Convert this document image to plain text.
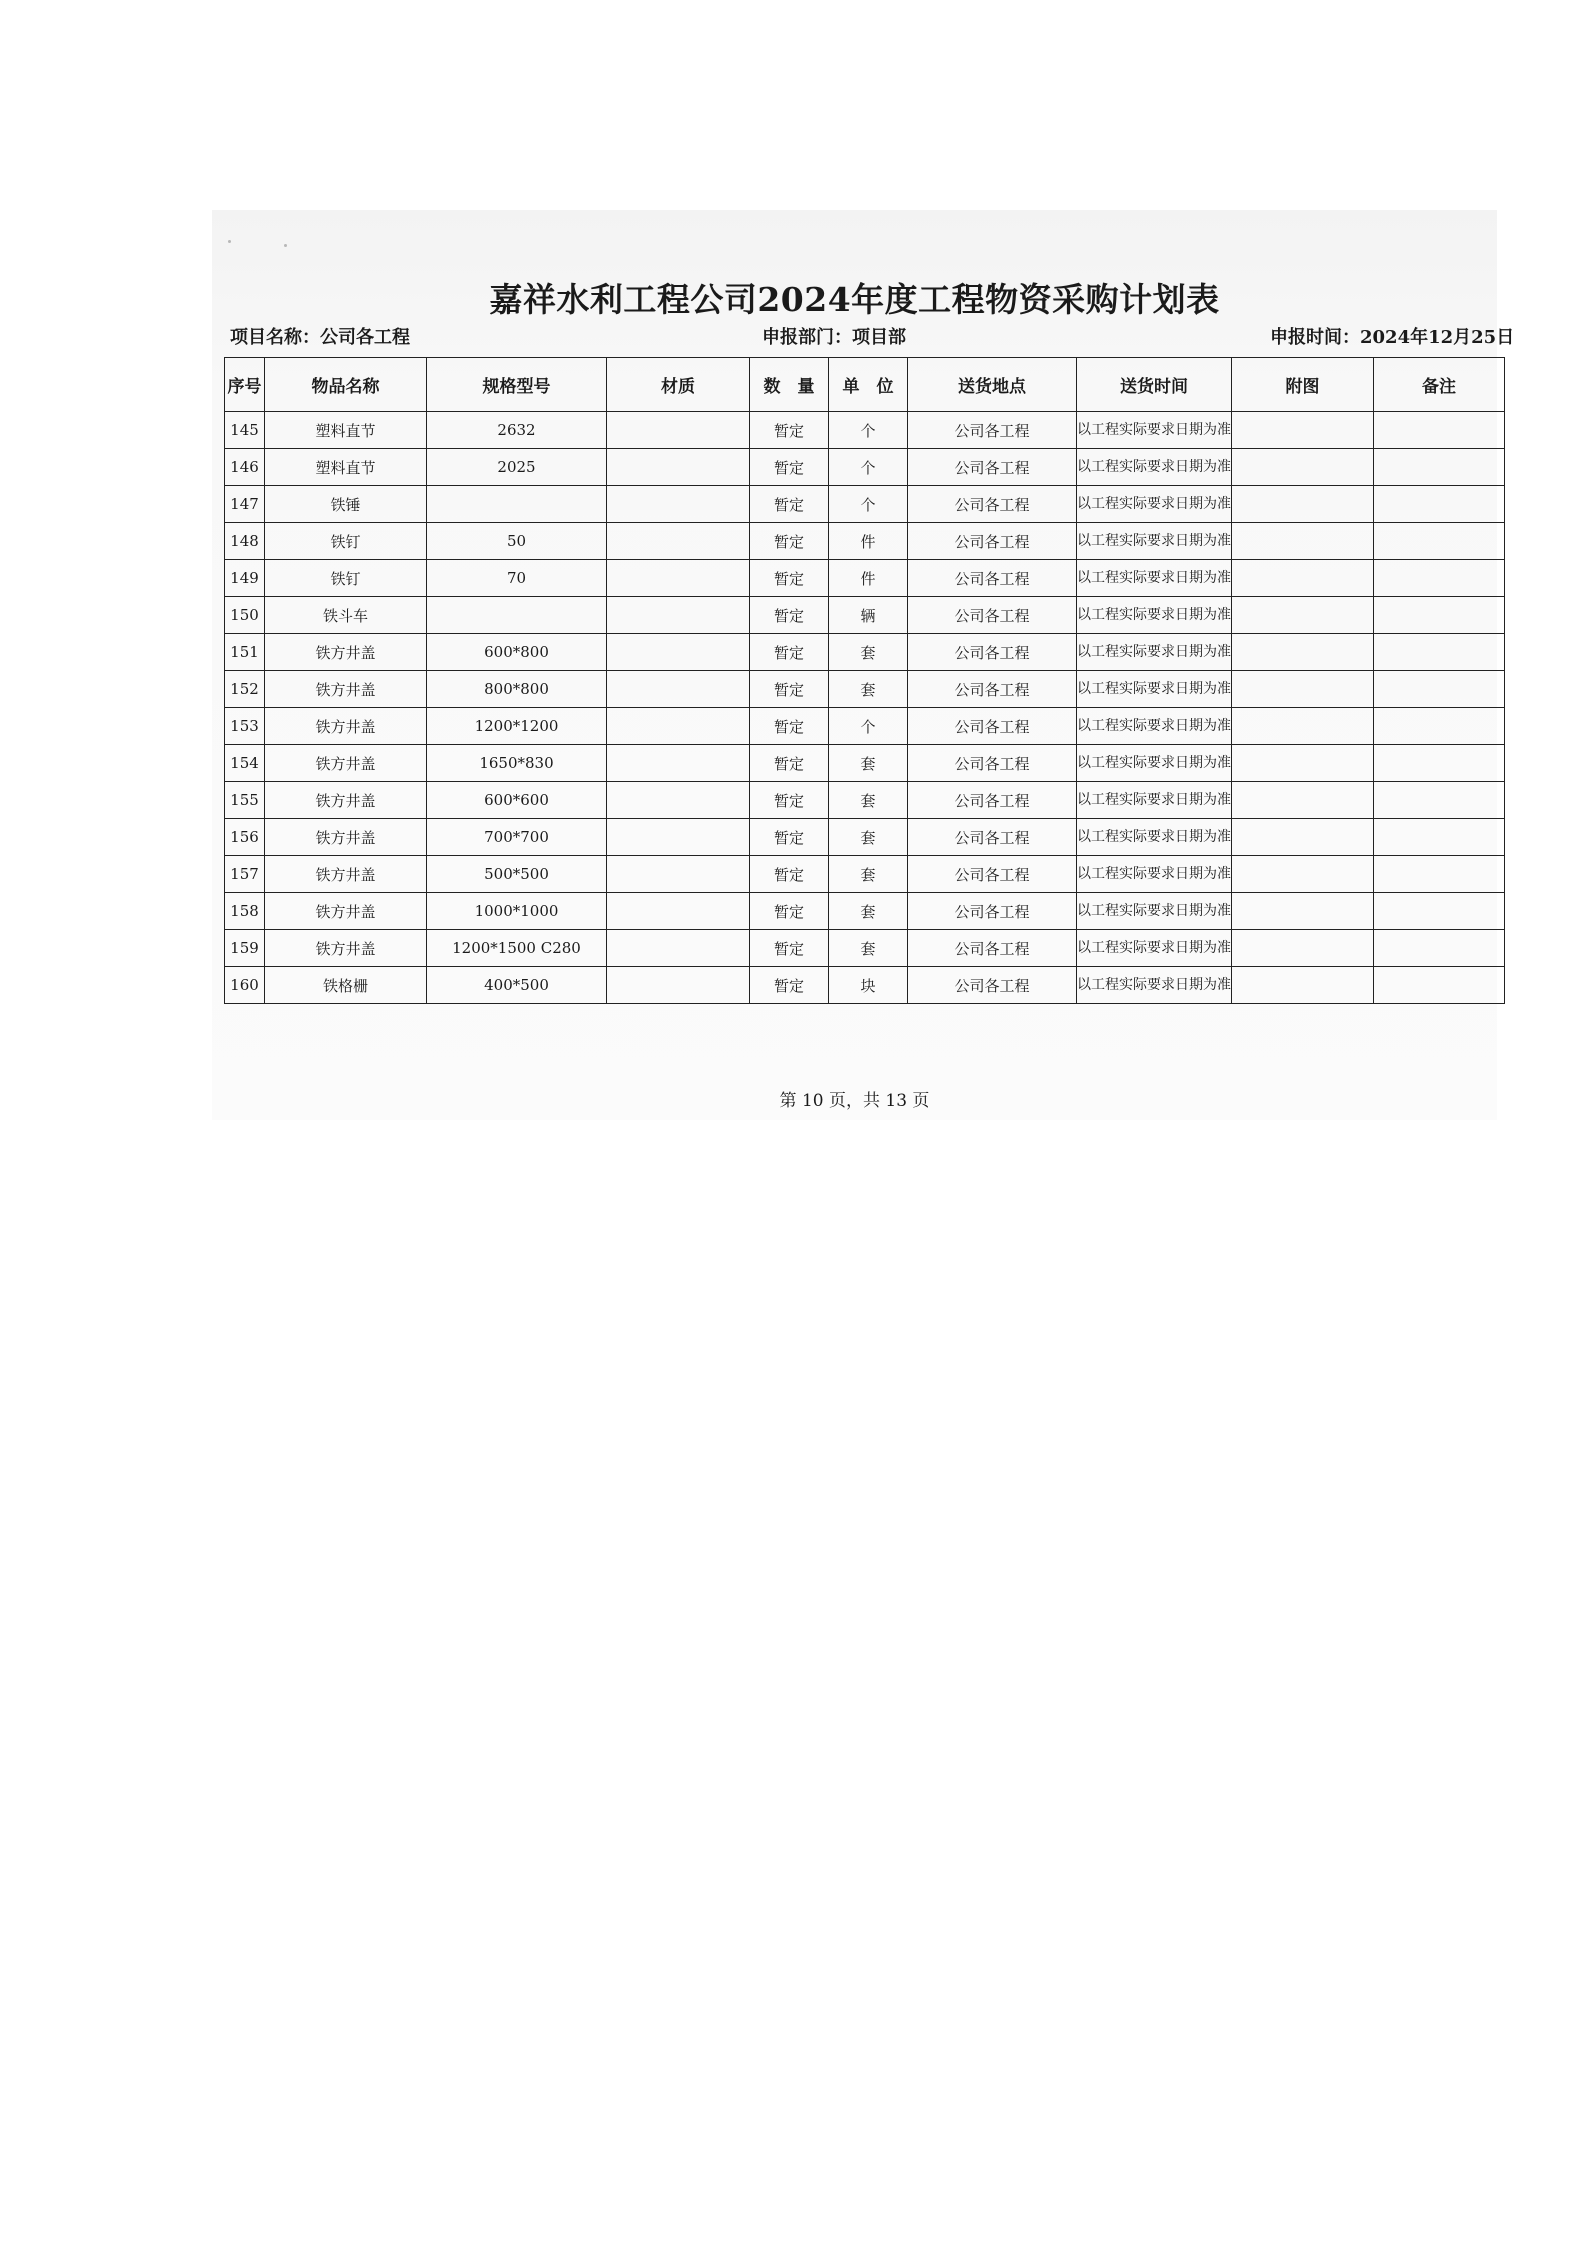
嘉祥水利工程公司2024年度工程物资采购计划表
项目名称：公司各工程	申报部门：项目部	申报时间：2024年12月25日
序号	物品名称	规格型号	材质	数　量	单　位	送货地点	送货时间	附图	备注
145	塑料直节	2632		暂定	个	公司各工程	以工程实际要求日期为准		
146	塑料直节	2025		暂定	个	公司各工程	以工程实际要求日期为准		
147	铁锤			暂定	个	公司各工程	以工程实际要求日期为准		
148	铁钉	50		暂定	件	公司各工程	以工程实际要求日期为准		
149	铁钉	70		暂定	件	公司各工程	以工程实际要求日期为准		
150	铁斗车			暂定	辆	公司各工程	以工程实际要求日期为准		
151	铁方井盖	600*800		暂定	套	公司各工程	以工程实际要求日期为准		
152	铁方井盖	800*800		暂定	套	公司各工程	以工程实际要求日期为准		
153	铁方井盖	1200*1200		暂定	个	公司各工程	以工程实际要求日期为准		
154	铁方井盖	1650*830		暂定	套	公司各工程	以工程实际要求日期为准		
155	铁方井盖	600*600		暂定	套	公司各工程	以工程实际要求日期为准		
156	铁方井盖	700*700		暂定	套	公司各工程	以工程实际要求日期为准		
157	铁方井盖	500*500		暂定	套	公司各工程	以工程实际要求日期为准		
158	铁方井盖	1000*1000		暂定	套	公司各工程	以工程实际要求日期为准		
159	铁方井盖	1200*1500 C280		暂定	套	公司各工程	以工程实际要求日期为准		
160	铁格栅	400*500		暂定	块	公司各工程	以工程实际要求日期为准		
第 10 页，共 13 页
